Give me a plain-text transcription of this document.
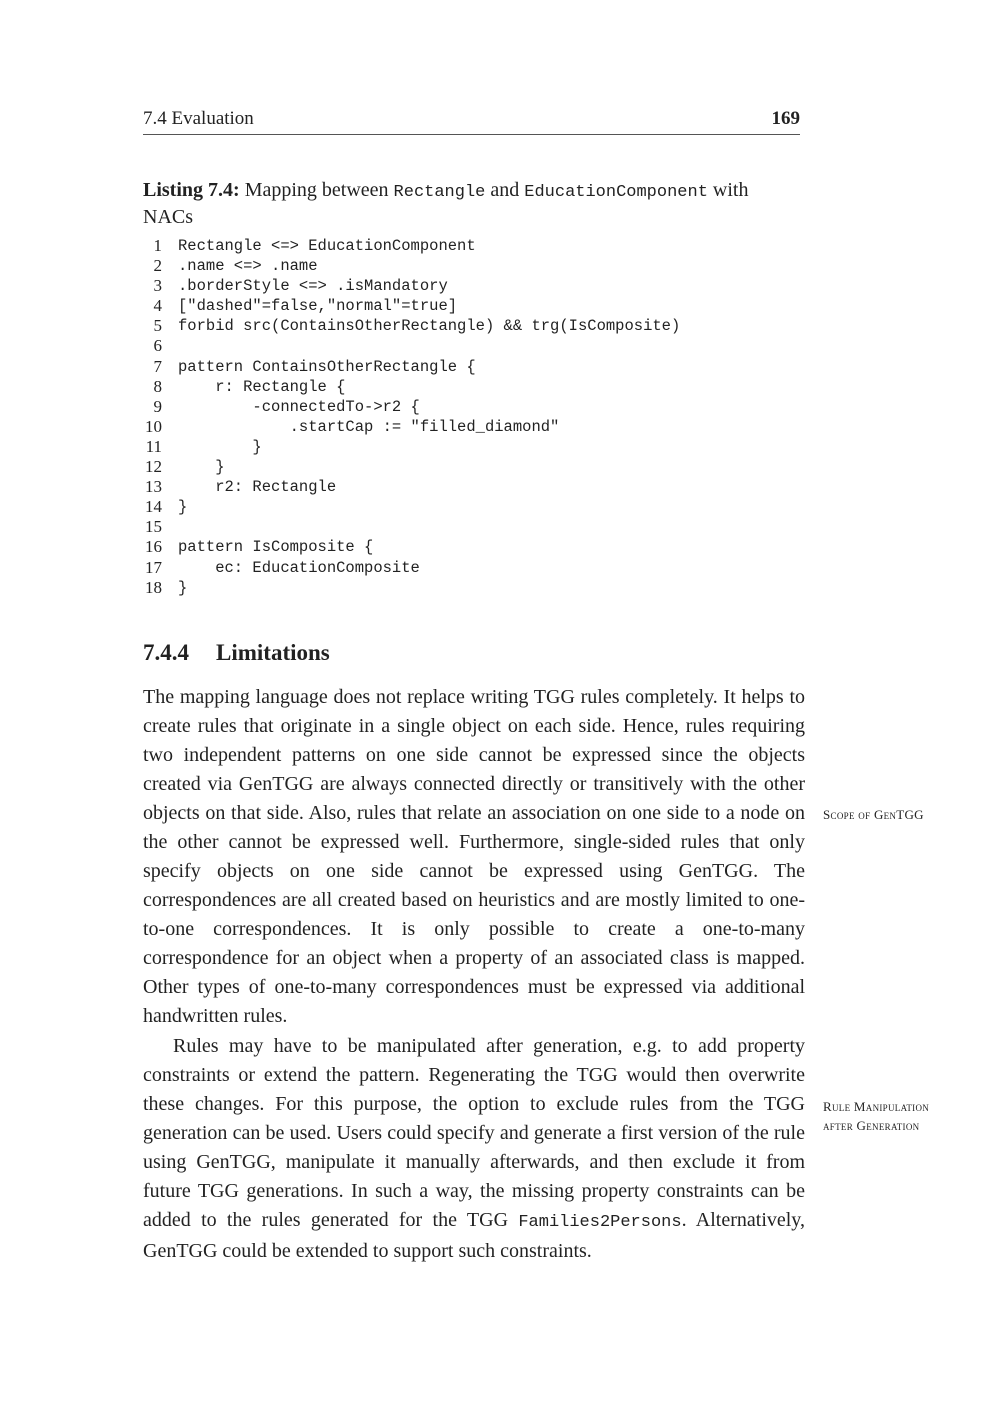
7.4 Evaluation	169
Listing 7.4: Mapping between Rectangle and EducationComponent with
NACs
1 Rectangle <=> EducationComponent
2 .name <=> .name
3 .borderStyle <=> .isMandatory
4 ["dashed"=false,"normal"=true]
5 forbid src(ContainsOtherRectangle) && trg(IsComposite)
6
7 pattern ContainsOtherRectangle {
8 r: Rectangle {
9 -connectedTo->r2 {
10 .startCap := "filled_diamond"
11 }
12 }
13 r2: Rectangle
14 }
15
16 pattern IsComposite {
17 ec: EducationComposite
18 }
7.4.4 Limitations
The mapping language does not replace writing TGG rules completely. It helps to create rules that originate in a single object on each side. Hence, rules requiring two independent patterns on one side cannot be expressed since the objects created via GenTGG are always connected directly or transitively with the other objects on that side. Also, rules that relate an association on one side to a node on the other cannot be expressed well. Furthermore, single-sided rules that only specify objects on one side cannot be expressed using GenTGG. The correspondences are all created based on heuristics and are mostly limited to one-to-one correspondences. It is only possible to create a one-to-many correspondence for an object when a property of an associated class is mapped. Other types of one-to-many correspondences must be expressed via additional handwritten rules.
Rules may have to be manipulated after generation, e.g. to add property constraints or extend the pattern. Regenerating the TGG would then overwrite these changes. For this purpose, the option to exclude rules from the TGG generation can be used. Users could specify and generate a first version of the rule using GenTGG, manipulate it manually afterwards, and then exclude it from future TGG generations. In such a way, the missing property constraints can be added to the rules generated for the TGG Families2Persons. Alternatively, GenTGG could be extended to support such constraints.
Scope of GenTGG
Rule Manipulation
after Generation
